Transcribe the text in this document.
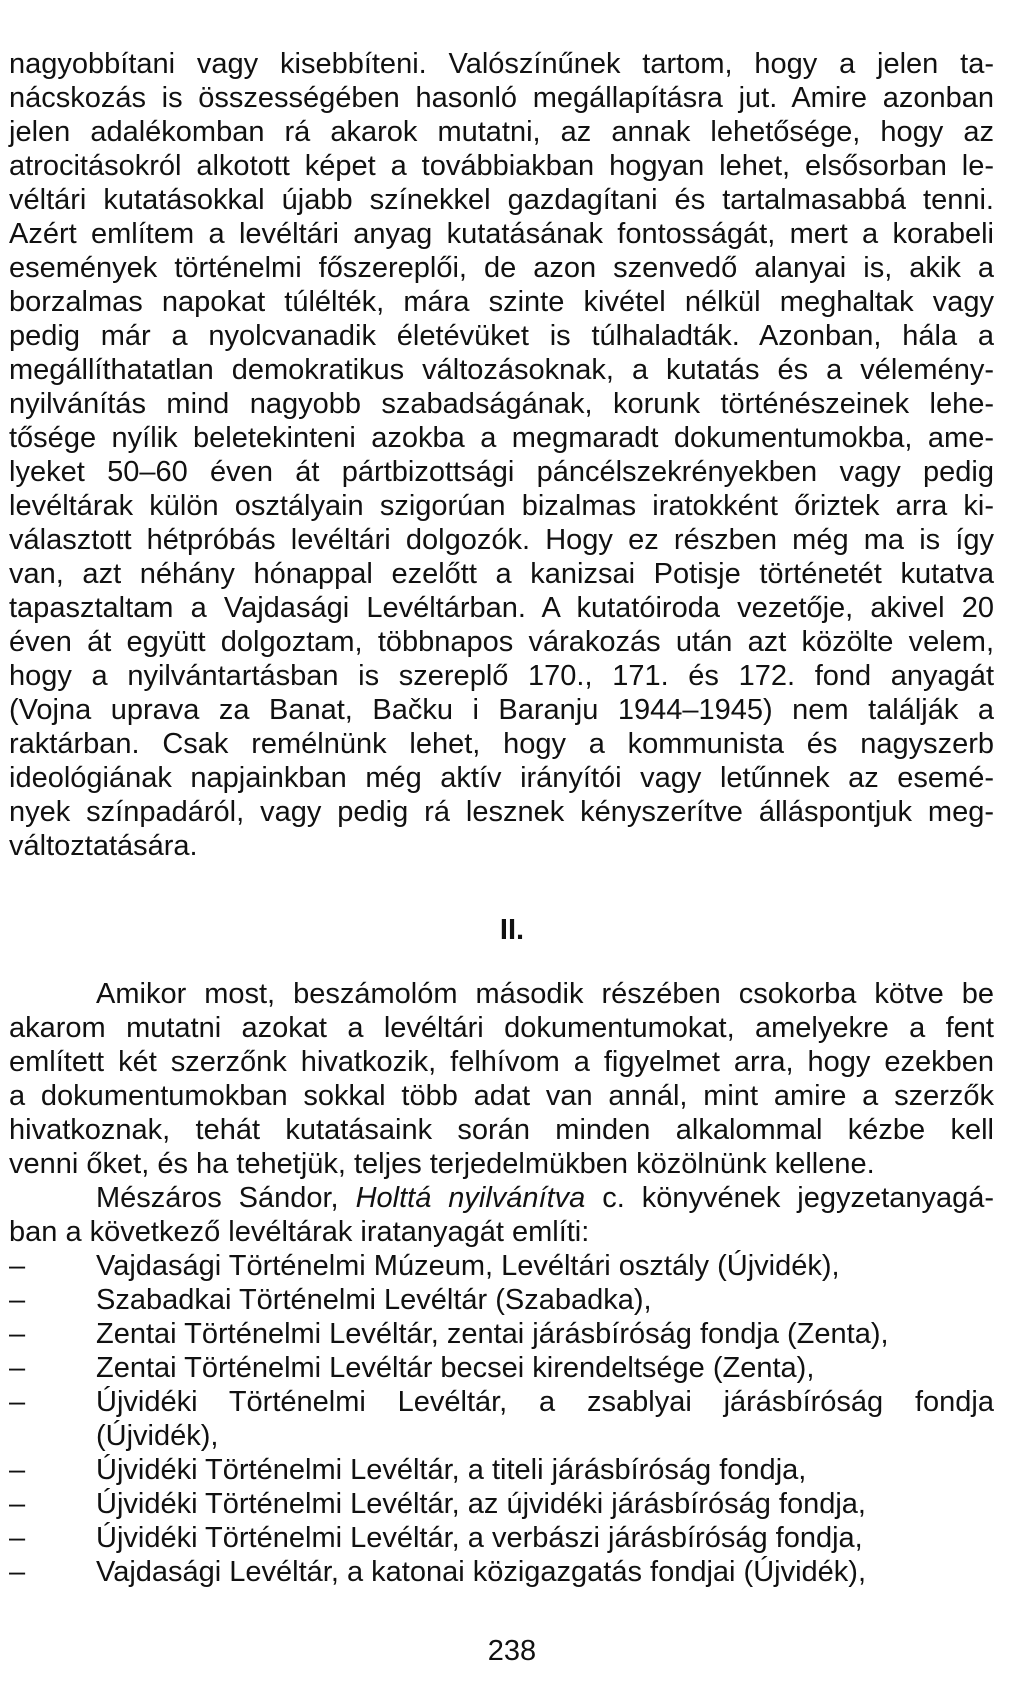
nagyobbítani vagy kisebbíteni. Valószínűnek tartom, hogy a jelen ta-
nácskozás is összességében hasonló megállapításra jut. Amire azonban
jelen adalékomban rá akarok mutatni, az annak lehetősége, hogy az
atrocitásokról alkotott képet a továbbiakban hogyan lehet, elsősorban le-
véltári kutatásokkal újabb színekkel gazdagítani és tartalmasabbá tenni.
Azért említem a levéltári anyag kutatásának fontosságát, mert a korabeli
események történelmi főszereplői, de azon szenvedő alanyai is, akik a
borzalmas napokat túlélték, mára szinte kivétel nélkül meghaltak vagy
pedig már a nyolcvanadik életévüket is túlhaladták. Azonban, hála a
megállíthatatlan demokratikus változásoknak, a kutatás és a vélemény-
nyilvánítás mind nagyobb szabadságának, korunk történészeinek lehe-
tősége nyílik beletekinteni azokba a megmaradt dokumentumokba, ame-
lyeket 50–60 éven át pártbizottsági páncélszekrényekben vagy pedig
levéltárak külön osztályain szigorúan bizalmas iratokként őriztek arra ki-
választott hétpróbás levéltári dolgozók. Hogy ez részben még ma is így
van, azt néhány hónappal ezelőtt a kanizsai Potisje történetét kutatva
tapasztaltam a Vajdasági Levéltárban. A kutatóiroda vezetője, akivel 20
éven át együtt dolgoztam, többnapos várakozás után azt közölte velem,
hogy a nyilvántartásban is szereplő 170., 171. és 172. fond anyagát
(Vojna uprava za Banat, Bačku i Baranju 1944–1945) nem találják a
raktárban. Csak remélnünk lehet, hogy a kommunista és nagyszerb
ideológiának napjainkban még aktív irányítói vagy letűnnek az esemé-
nyek színpadáról, vagy pedig rá lesznek kényszerítve álláspontjuk meg-
változtatására.
II.
Amikor most, beszámolóm második részében csokorba kötve be
akarom mutatni azokat a levéltári dokumentumokat, amelyekre a fent
említett két szerzőnk hivatkozik, felhívom a figyelmet arra, hogy ezekben
a dokumentumokban sokkal több adat van annál, mint amire a szerzők
hivatkoznak, tehát kutatásaink során minden alkalommal kézbe kell
venni őket, és ha tehetjük, teljes terjedelmükben közölnünk kellene.
Mészáros Sándor, Holttá nyilvánítva c. könyvének jegyzetanyagá-
ban a következő levéltárak iratanyagát említi:
– Vajdasági Történelmi Múzeum, Levéltári osztály (Újvidék),
– Szabadkai Történelmi Levéltár (Szabadka),
– Zentai Történelmi Levéltár, zentai járásbíróság fondja (Zenta),
– Zentai Történelmi Levéltár becsei kirendeltsége (Zenta),
– Újvidéki Történelmi Levéltár, a zsablyai járásbíróság fondja
(Újvidék),
– Újvidéki Történelmi Levéltár, a titeli járásbíróság fondja,
– Újvidéki Történelmi Levéltár, az újvidéki járásbíróság fondja,
– Újvidéki Történelmi Levéltár, a verbászi járásbíróság fondja,
– Vajdasági Levéltár, a katonai közigazgatás fondjai (Újvidék),
238
